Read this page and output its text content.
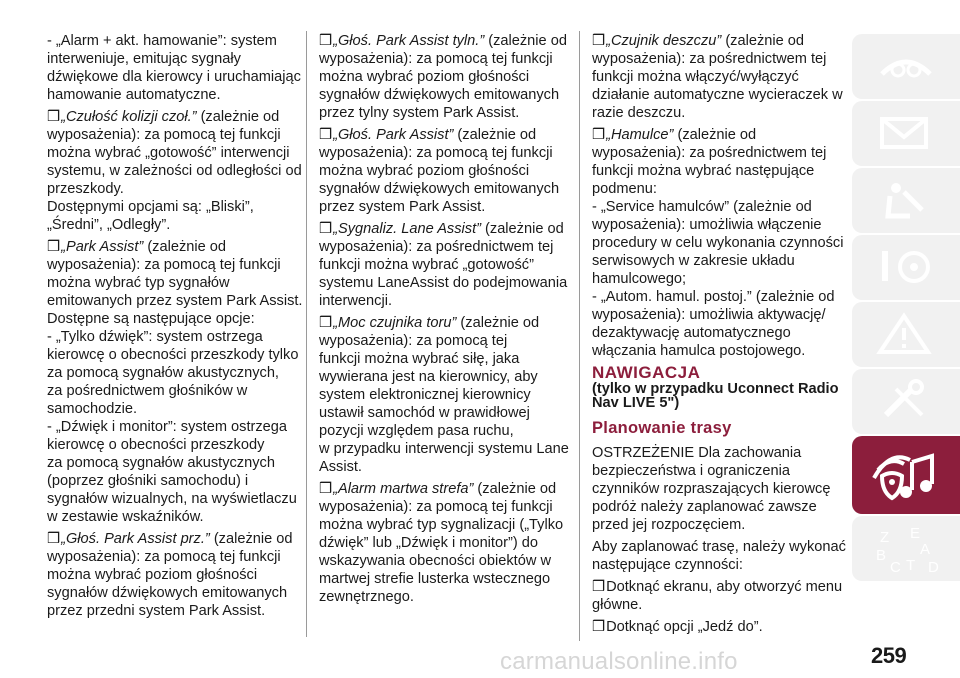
- „Alarm + akt. hamowanie”: system
interweniuje, emitując sygnały
dźwiękowe dla kierowcy i uruchamiając
hamowanie automatyczne.
❒„Czułość kolizji czoł.” (zależnie od
wyposażenia): za pomocą tej funkcji
można wybrać „gotowość” interwencji
systemu, w zależności od odległości od
przeszkody.
Dostępnymi opcjami są: „Bliski”,
„Średni”, „Odległy”.
❒„Park Assist” (zależnie od
wyposażenia): za pomocą tej funkcji
można wybrać typ sygnałów
emitowanych przez system Park Assist.
Dostępne są następujące opcje:
- „Tylko dźwięk”: system ostrzega
kierowcę o obecności przeszkody tylko
za pomocą sygnałów akustycznych,
za pośrednictwem głośników w
samochodzie.
- „Dźwięk i monitor”: system ostrzega
kierowcę o obecności przeszkody
za pomocą sygnałów akustycznych
(poprzez głośniki samochodu) i
sygnałów wizualnych, na wyświetlaczu
w zestawie wskaźników.
❒„Głoś. Park Assist prz.” (zależnie od
wyposażenia): za pomocą tej funkcji
można wybrać poziom głośności
sygnałów dźwiękowych emitowanych
przez przedni system Park Assist.
❒„Głoś. Park Assist tyln.” (zależnie od
wyposażenia): za pomocą tej funkcji
można wybrać poziom głośności
sygnałów dźwiękowych emitowanych
przez tylny system Park Assist.
❒„Głoś. Park Assist” (zależnie od
wyposażenia): za pomocą tej funkcji
można wybrać poziom głośności
sygnałów dźwiękowych emitowanych
przez system Park Assist.
❒„Sygnaliz. Lane Assist” (zależnie od
wyposażenia): za pośrednictwem tej
funkcji można wybrać „gotowość”
systemu LaneAssist do podejmowania
interwencji.
❒„Moc czujnika toru” (zależnie od
wyposażenia): za pomocą tej
funkcji można wybrać siłę, jaka
wywierana jest na kierownicy, aby
system elektronicznej kierownicy
ustawił samochód w prawidłowej
pozycji względem pasa ruchu,
w przypadku interwencji systemu Lane
Assist.
❒„Alarm martwa strefa” (zależnie od
wyposażenia): za pomocą tej funkcji
można wybrać typ sygnalizacji („Tylko
dźwięk” lub „Dźwięk i monitor”) do
wskazywania obecności obiektów w
martwej strefie lusterka wstecznego
zewnętrznego.
❒„Czujnik deszczu” (zależnie od
wyposażenia): za pośrednictwem tej
funkcji można włączyć/wyłączyć
działanie automatyczne wycieraczek w
razie deszczu.
❒„Hamulce” (zależnie od
wyposażenia): za pośrednictwem tej
funkcji można wybrać następujące
podmenu:
- „Service hamulców” (zależnie od
wyposażenia): umożliwia włączenie
procedury w celu wykonania czynności
serwisowych w zakresie układu
hamulcowego;
- „Autom. hamul. postoj.” (zależnie od
wyposażenia): umożliwia aktywację/
dezaktywację automatycznego
włączania hamulca postojowego.
NAWIGACJA
(tylko w przypadku Uconnect Radio
Nav LIVE 5")
Planowanie trasy
OSTRZEŻENIE Dla zachowania
bezpieczeństwa i ograniczenia
czynników rozpraszających kierowcę
podróż należy zaplanować zawsze
przed jej rozpoczęciem.
Aby zaplanować trasę, należy wykonać
następujące czynności:
❒Dotknąć ekranu, aby otworzyć menu
główne.
❒Dotknąć opcji „Jedź do”.
Z E
B A
C T D
carmanualsonline.info	259
